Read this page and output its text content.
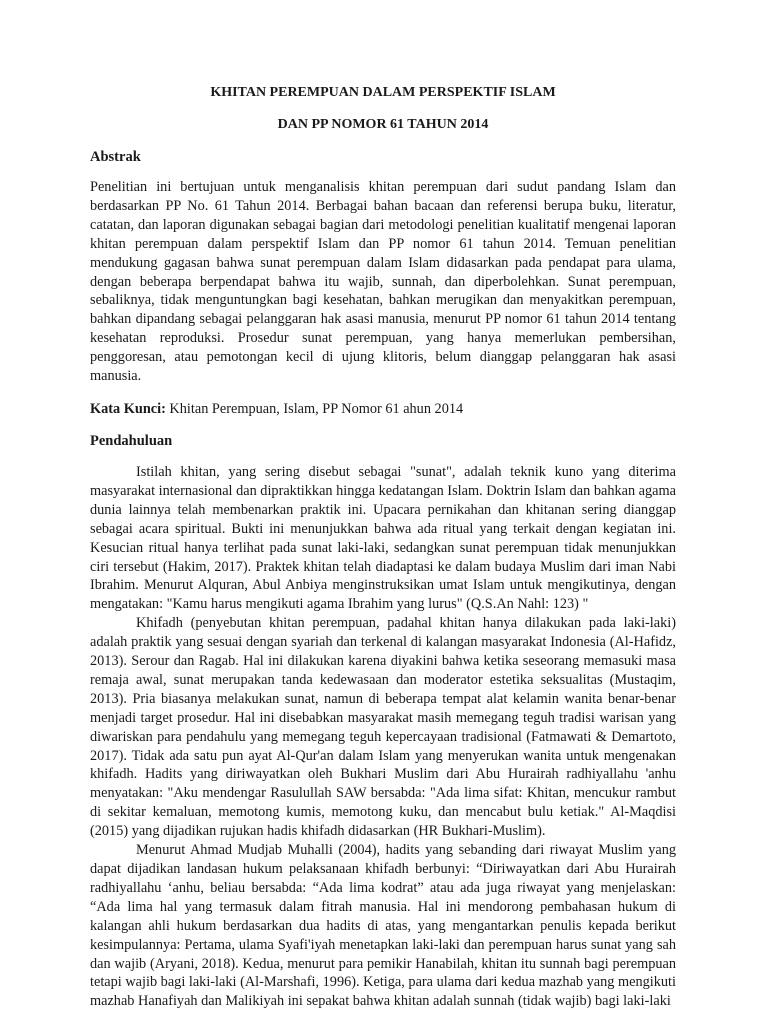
KHITAN PEREMPUAN DALAM PERSPEKTIF ISLAM

DAN PP NOMOR 61 TAHUN 2014

Abstrak

Penelitian ini bertujuan untuk menganalisis khitan perempuan dari sudut pandang Islam dan berdasarkan PP No. 61 Tahun 2014. Berbagai bahan bacaan dan referensi berupa buku, literatur, catatan, dan laporan digunakan sebagai bagian dari metodologi penelitian kualitatif mengenai laporan khitan perempuan dalam perspektif Islam dan PP nomor 61 tahun 2014. Temuan penelitian mendukung gagasan bahwa sunat perempuan dalam Islam didasarkan pada pendapat para ulama, dengan beberapa berpendapat bahwa itu wajib, sunnah, dan diperbolehkan. Sunat perempuan, sebaliknya, tidak menguntungkan bagi kesehatan, bahkan merugikan dan menyakitkan perempuan, bahkan dipandang sebagai pelanggaran hak asasi manusia, menurut PP nomor 61 tahun 2014 tentang kesehatan reproduksi. Prosedur sunat perempuan, yang hanya memerlukan pembersihan, penggoresan, atau pemotongan kecil di ujung klitoris, belum dianggap pelanggaran hak asasi manusia.

Kata Kunci: Khitan Perempuan, Islam, PP Nomor 61 ahun 2014

Pendahuluan

Istilah khitan, yang sering disebut sebagai "sunat", adalah teknik kuno yang diterima masyarakat internasional dan dipraktikkan hingga kedatangan Islam. Doktrin Islam dan bahkan agama dunia lainnya telah membenarkan praktik ini. Upacara pernikahan dan khitanan sering dianggap sebagai acara spiritual. Bukti ini menunjukkan bahwa ada ritual yang terkait dengan kegiatan ini. Kesucian ritual hanya terlihat pada sunat laki-laki, sedangkan sunat perempuan tidak menunjukkan ciri tersebut (Hakim, 2017). Praktek khitan telah diadaptasi ke dalam budaya Muslim dari iman Nabi Ibrahim. Menurut Alquran, Abul Anbiya menginstruksikan umat Islam untuk mengikutinya, dengan mengatakan: "Kamu harus mengikuti agama Ibrahim yang lurus" (Q.S.An Nahl: 123) "

Khifadh (penyebutan khitan perempuan, padahal khitan hanya dilakukan pada laki-laki) adalah praktik yang sesuai dengan syariah dan terkenal di kalangan masyarakat Indonesia (Al-Hafidz, 2013). Serour dan Ragab. Hal ini dilakukan karena diyakini bahwa ketika seseorang memasuki masa remaja awal, sunat merupakan tanda kedewasaan dan moderator estetika seksualitas (Mustaqim, 2013). Pria biasanya melakukan sunat, namun di beberapa tempat alat kelamin wanita benar-benar menjadi target prosedur. Hal ini disebabkan masyarakat masih memegang teguh tradisi warisan yang diwariskan para pendahulu yang memegang teguh kepercayaan tradisional (Fatmawati & Demartoto, 2017). Tidak ada satu pun ayat Al-Qur'an dalam Islam yang menyerukan wanita untuk mengenakan khifadh. Hadits yang diriwayatkan oleh Bukhari Muslim dari Abu Hurairah radhiyallahu 'anhu menyatakan: "Aku mendengar Rasulullah SAW bersabda: "Ada lima sifat: Khitan, mencukur rambut di sekitar kemaluan, memotong kumis, memotong kuku, dan mencabut bulu ketiak." Al-Maqdisi (2015) yang dijadikan rujukan hadis khifadh didasarkan (HR Bukhari-Muslim).

Menurut Ahmad Mudjab Muhalli (2004), hadits yang sebanding dari riwayat Muslim yang dapat dijadikan landasan hukum pelaksanaan khifadh berbunyi: “Diriwayatkan dari Abu Hurairah radhiyallahu ‘anhu, beliau bersabda: “Ada lima kodrat” atau ada juga riwayat yang menjelaskan: “Ada lima hal yang termasuk dalam fitrah manusia. Hal ini mendorong pembahasan hukum di kalangan ahli hukum berdasarkan dua hadits di atas, yang mengantarkan penulis kepada berikut kesimpulannya: Pertama, ulama Syafi'iyah menetapkan laki-laki dan perempuan harus sunat yang sah dan wajib (Aryani, 2018). Kedua, menurut para pemikir Hanabilah, khitan itu sunnah bagi perempuan tetapi wajib bagi laki-laki (Al-Marshafi, 1996). Ketiga, para ulama dari kedua mazhab yang mengikuti mazhab Hanafiyah dan Malikiyah ini sepakat bahwa khitan adalah sunnah (tidak wajib) bagi laki-laki
